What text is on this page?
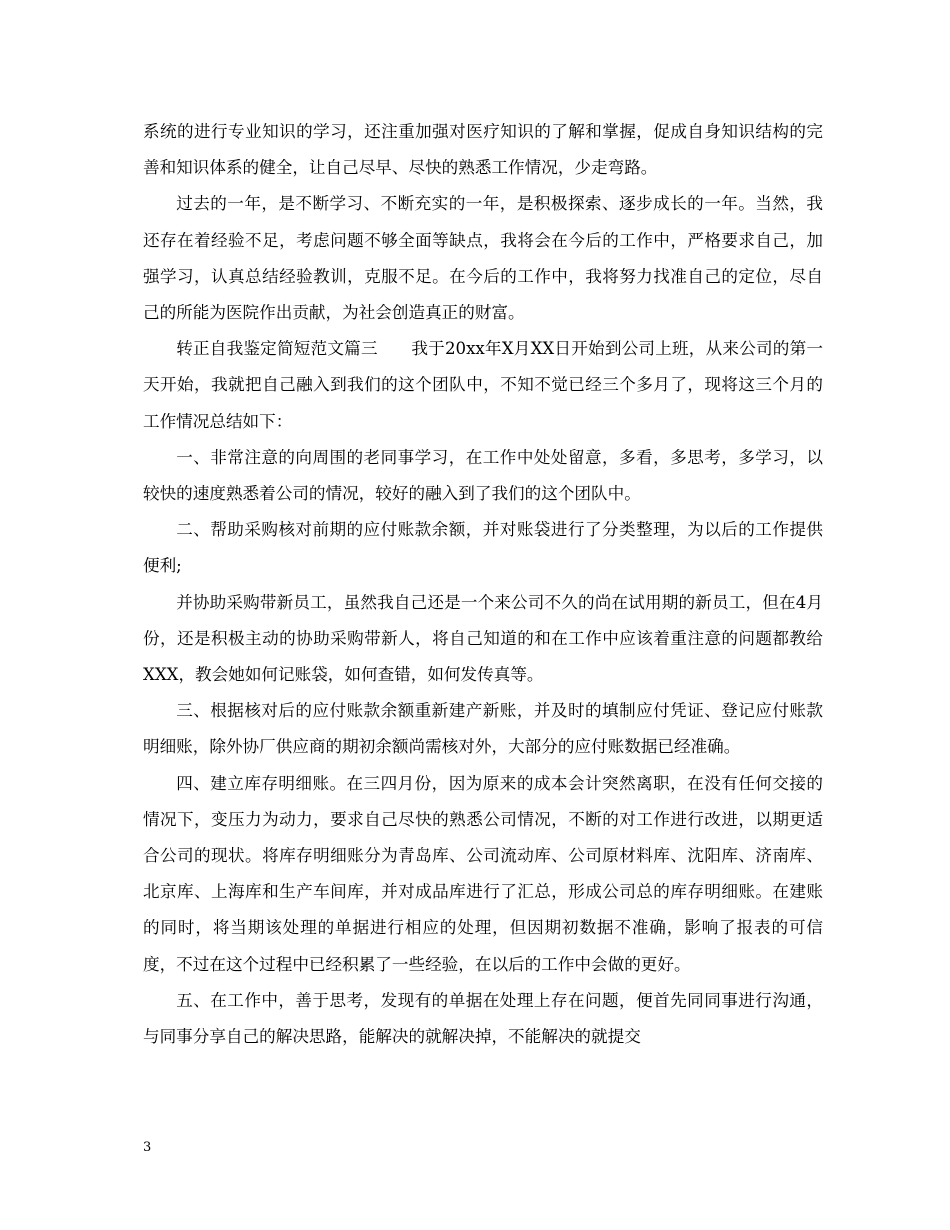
系统的进行专业知识的学习，还注重加强对医疗知识的了解和掌握，促成自身知识结构的完善和知识体系的健全，让自己尽早、尽快的熟悉工作情况，少走弯路。

过去的一年，是不断学习、不断充实的一年，是积极探索、逐步成长的一年。当然，我还存在着经验不足，考虑问题不够全面等缺点，我将会在今后的工作中，严格要求自己，加强学习，认真总结经验教训，克服不足。在今后的工作中，我将努力找准自己的定位，尽自己的所能为医院作出贡献，为社会创造真正的财富。

转正自我鉴定简短范文篇三　　我于20xx年X月XX日开始到公司上班，从来公司的第一天开始，我就把自己融入到我们的这个团队中，不知不觉已经三个多月了，现将这三个月的工作情况总结如下：

一、非常注意的向周围的老同事学习，在工作中处处留意，多看，多思考，多学习，以较快的速度熟悉着公司的情况，较好的融入到了我们的这个团队中。

二、帮助采购核对前期的应付账款余额，并对账袋进行了分类整理，为以后的工作提供便利;

并协助采购带新员工，虽然我自己还是一个来公司不久的尚在试用期的新员工，但在4月份，还是积极主动的协助采购带新人，将自己知道的和在工作中应该着重注意的问题都教给XXX，教会她如何记账袋，如何查错，如何发传真等。

三、根据核对后的应付账款余额重新建产新账，并及时的填制应付凭证、登记应付账款明细账，除外协厂供应商的期初余额尚需核对外，大部分的应付账数据已经准确。

四、建立库存明细账。在三四月份，因为原来的成本会计突然离职，在没有任何交接的情况下，变压力为动力，要求自己尽快的熟悉公司情况，不断的对工作进行改进，以期更适合公司的现状。将库存明细账分为青岛库、公司流动库、公司原材料库、沈阳库、济南库、北京库、上海库和生产车间库，并对成品库进行了汇总，形成公司总的库存明细账。在建账的同时，将当期该处理的单据进行相应的处理，但因期初数据不准确，影响了报表的可信度，不过在这个过程中已经积累了一些经验，在以后的工作中会做的更好。

五、在工作中，善于思考，发现有的单据在处理上存在问题，便首先同同事进行沟通，与同事分享自己的解决思路，能解决的就解决掉，不能解决的就提交

3
